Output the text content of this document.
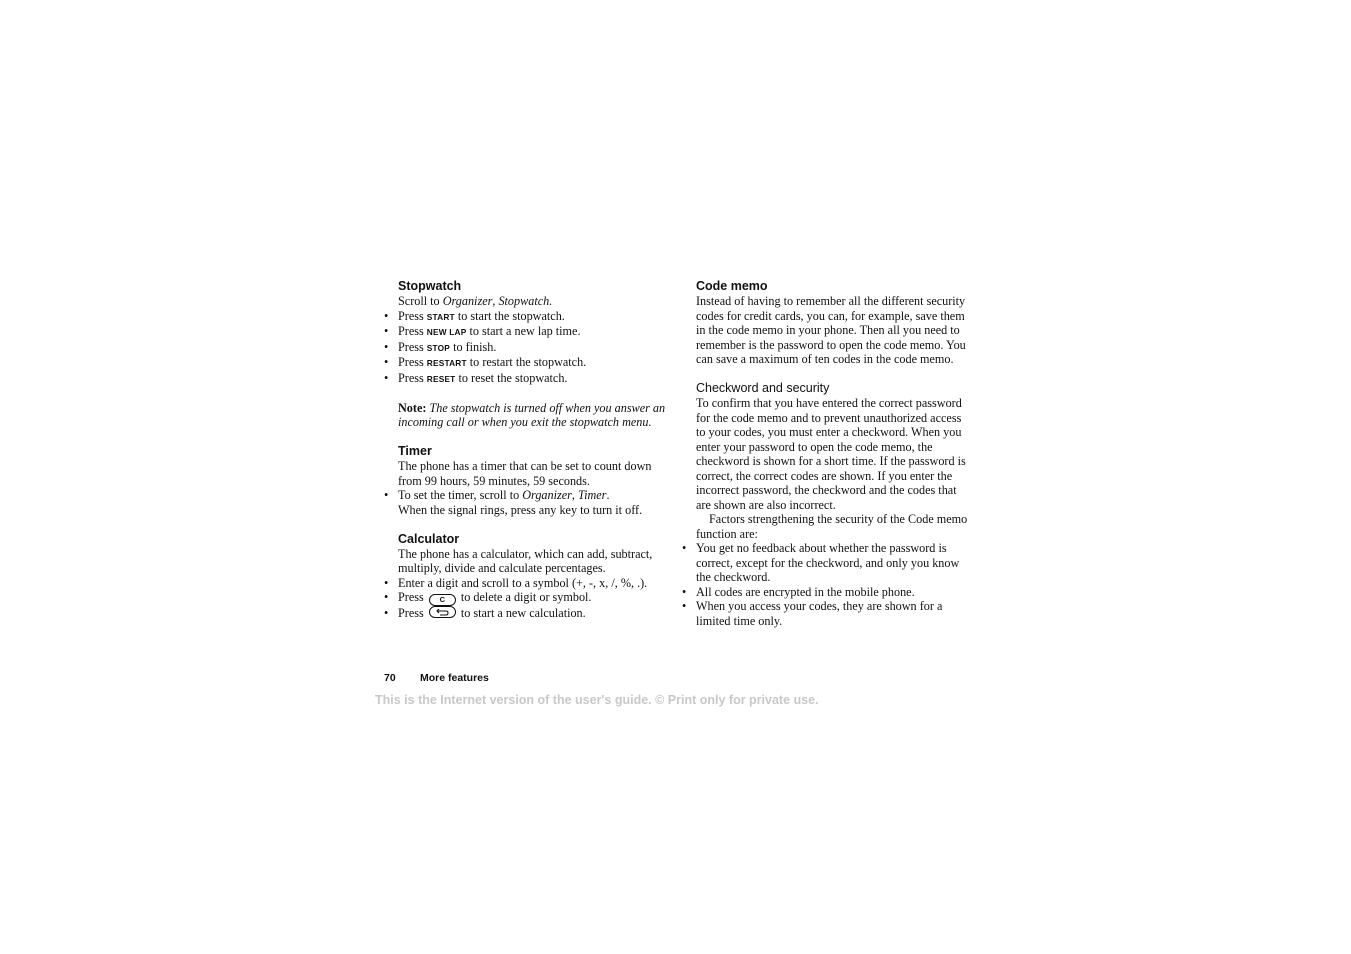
Stopwatch
Scroll to Organizer, Stopwatch.
• Press START to start the stopwatch.
• Press NEW LAP to start a new lap time.
• Press STOP to finish.
• Press RESTART to restart the stopwatch.
• Press RESET to reset the stopwatch.
Note: The stopwatch is turned off when you answer an incoming call or when you exit the stopwatch menu.
Timer
The phone has a timer that can be set to count down from 99 hours, 59 minutes, 59 seconds.
• To set the timer, scroll to Organizer, Timer.
When the signal rings, press any key to turn it off.
Calculator
The phone has a calculator, which can add, subtract, multiply, divide and calculate percentages.
• Enter a digit and scroll to a symbol (+, -, x, /, %, .).
• Press C to delete a digit or symbol.
• Press	to start a new calculation.
Code memo
Instead of having to remember all the different security codes for credit cards, you can, for example, save them in the code memo in your phone. Then all you need to remember is the password to open the code memo. You can save a maximum of ten codes in the code memo.
Checkword and security
To confirm that you have entered the correct password for the code memo and to prevent unauthorized access to your codes, you must enter a checkword. When you enter your password to open the code memo, the checkword is shown for a short time. If the password is correct, the correct codes are shown. If you enter the incorrect password, the checkword and the codes that are shown are also incorrect.
Factors strengthening the security of the Code memo function are:
• You get no feedback about whether the password is correct, except for the checkword, and only you know the checkword.
• All codes are encrypted in the mobile phone.
• When you access your codes, they are shown for a limited time only.
70 More features
This is the Internet version of the user's guide. © Print only for private use.
